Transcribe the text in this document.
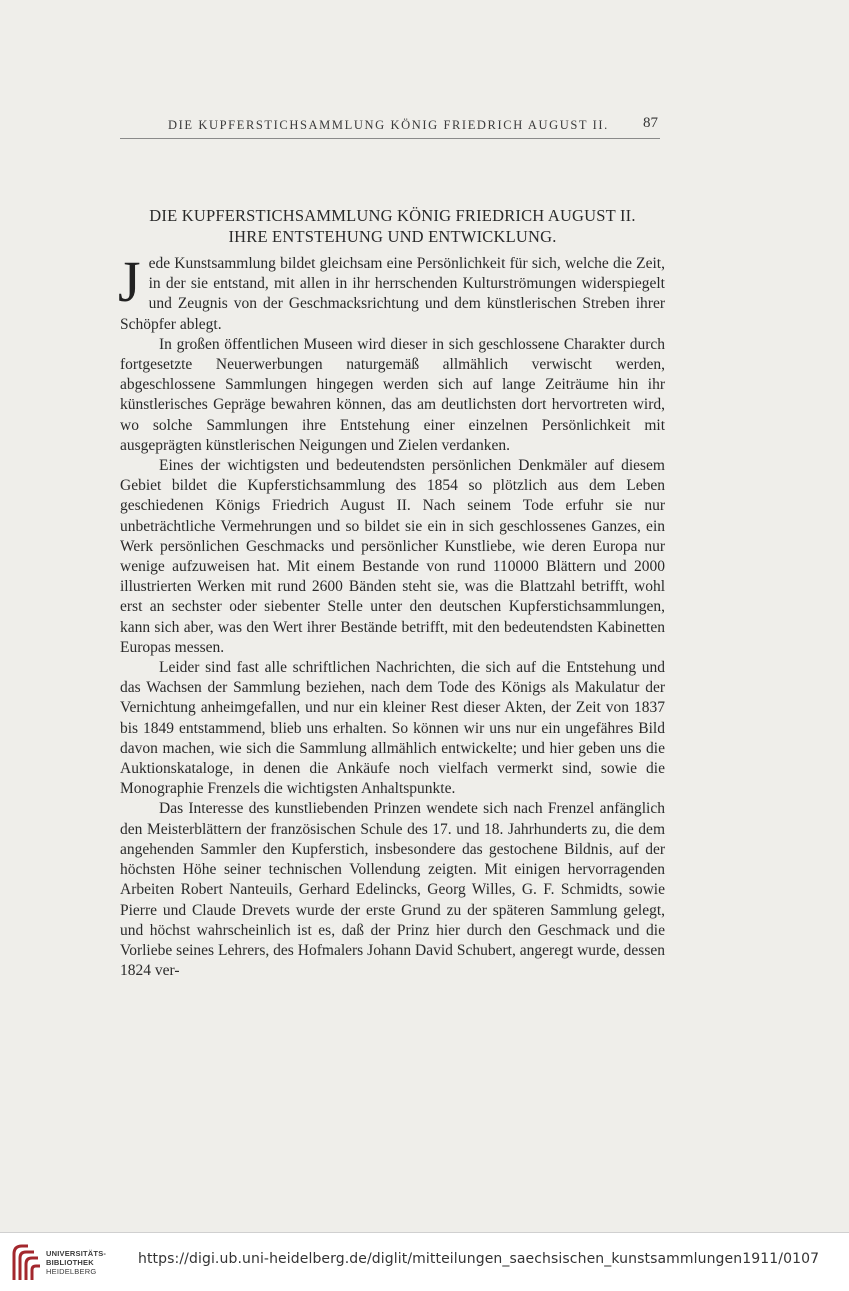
DIE KUPFERSTICHSAMMLUNG KÖNIG FRIEDRICH AUGUST II. 87
DIE KUPFERSTICHSAMMLUNG KÖNIG FRIEDRICH AUGUST II.
IHRE ENTSTEHUNG UND ENTWICKLUNG.

Jede Kunstsammlung bildet gleichsam eine Persönlichkeit für sich, welche die Zeit, in der sie entstand, mit allen in ihr herrschenden Kulturströmungen widerspiegelt und Zeugnis von der Geschmacksrichtung und dem künstlerischen Streben ihrer Schöpfer ablegt.

In großen öffentlichen Museen wird dieser in sich geschlossene Charakter durch fortgesetzte Neuerwerbungen naturgemäß allmählich verwischt werden, abgeschlossene Sammlungen hingegen werden sich auf lange Zeiträume hin ihr künstlerisches Gepräge bewahren können, das am deutlichsten dort hervortreten wird, wo solche Sammlungen ihre Entstehung einer einzelnen Persönlichkeit mit ausgeprägten künstlerischen Neigungen und Zielen verdanken.

Eines der wichtigsten und bedeutendsten persönlichen Denkmäler auf diesem Gebiet bildet die Kupferstichsammlung des 1854 so plötzlich aus dem Leben geschiedenen Königs Friedrich August II. Nach seinem Tode erfuhr sie nur unbeträchtliche Vermehrungen und so bildet sie ein in sich geschlossenes Ganzes, ein Werk persönlichen Geschmacks und persönlicher Kunstliebe, wie deren Europa nur wenige aufzuweisen hat. Mit einem Bestande von rund 110000 Blättern und 2000 illustrierten Werken mit rund 2600 Bänden steht sie, was die Blattzahl betrifft, wohl erst an sechster oder siebenter Stelle unter den deutschen Kupferstichsammlungen, kann sich aber, was den Wert ihrer Bestände betrifft, mit den bedeutendsten Kabinetten Europas messen.

Leider sind fast alle schriftlichen Nachrichten, die sich auf die Entstehung und das Wachsen der Sammlung beziehen, nach dem Tode des Königs als Makulatur der Vernichtung anheimgefallen, und nur ein kleiner Rest dieser Akten, der Zeit von 1837 bis 1849 entstammend, blieb uns erhalten. So können wir uns nur ein ungefähres Bild davon machen, wie sich die Sammlung allmählich entwickelte; und hier geben uns die Auktionskataloge, in denen die Ankäufe noch vielfach vermerkt sind, sowie die Monographie Frenzels die wichtigsten Anhaltspunkte.

Das Interesse des kunstliebenden Prinzen wendete sich nach Frenzel anfänglich den Meisterblättern der französischen Schule des 17. und 18. Jahrhunderts zu, die dem angehenden Sammler den Kupferstich, insbesondere das gestochene Bildnis, auf der höchsten Höhe seiner technischen Vollendung zeigten. Mit einigen hervorragenden Arbeiten Robert Nanteuils, Gerhard Edelincks, Georg Willes, G. F. Schmidts, sowie Pierre und Claude Drevets wurde der erste Grund zu der späteren Sammlung gelegt, und höchst wahrscheinlich ist es, daß der Prinz hier durch den Geschmack und die Vorliebe seines Lehrers, des Hofmalers Johann David Schubert, angeregt wurde, dessen 1824 ver-

UNIVERSITÄTS-
BIBLIOTHEK
HEIDELBERG
https://digi.ub.uni-heidelberg.de/diglit/mitteilungen_saechsischen_kunstsammlungen1911/0107
